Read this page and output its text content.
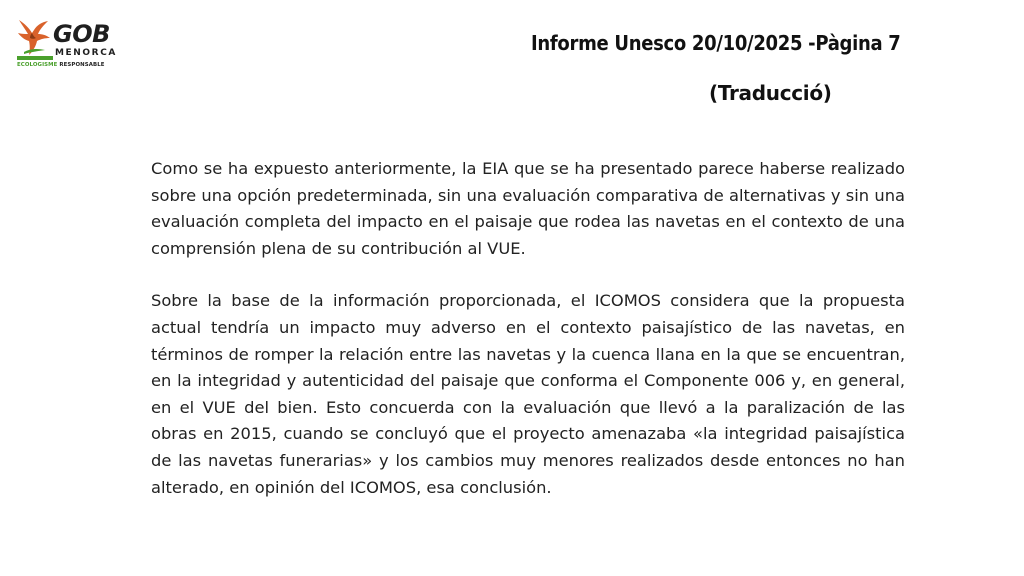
GOB
MENORCA
ECOLOGISME RESPONSABLE
Informe Unesco 20/10/2025 -Pàgina 7
(Traducció)

Como se ha expuesto anteriormente, la EIA que se ha presentado parece haberse realizado sobre una opción predeterminada, sin una evaluación comparativa de alternativas y sin una evaluación completa del impacto en el paisaje que rodea las navetas en el contexto de una comprensión plena de su contribución al VUE.

Sobre la base de la información proporcionada, el ICOMOS considera que la propuesta actual tendría un impacto muy adverso en el contexto paisajístico de las navetas, en términos de romper la relación entre las navetas y la cuenca llana en la que se encuentran, en la integridad y autenticidad del paisaje que conforma el Componente 006 y, en general, en el VUE del bien. Esto concuerda con la evaluación que llevó a la paralización de las obras en 2015, cuando se concluyó que el proyecto amenazaba «la integridad paisajística de las navetas funerarias» y los cambios muy menores realizados desde entonces no han alterado, en opinión del ICOMOS, esa conclusión.
